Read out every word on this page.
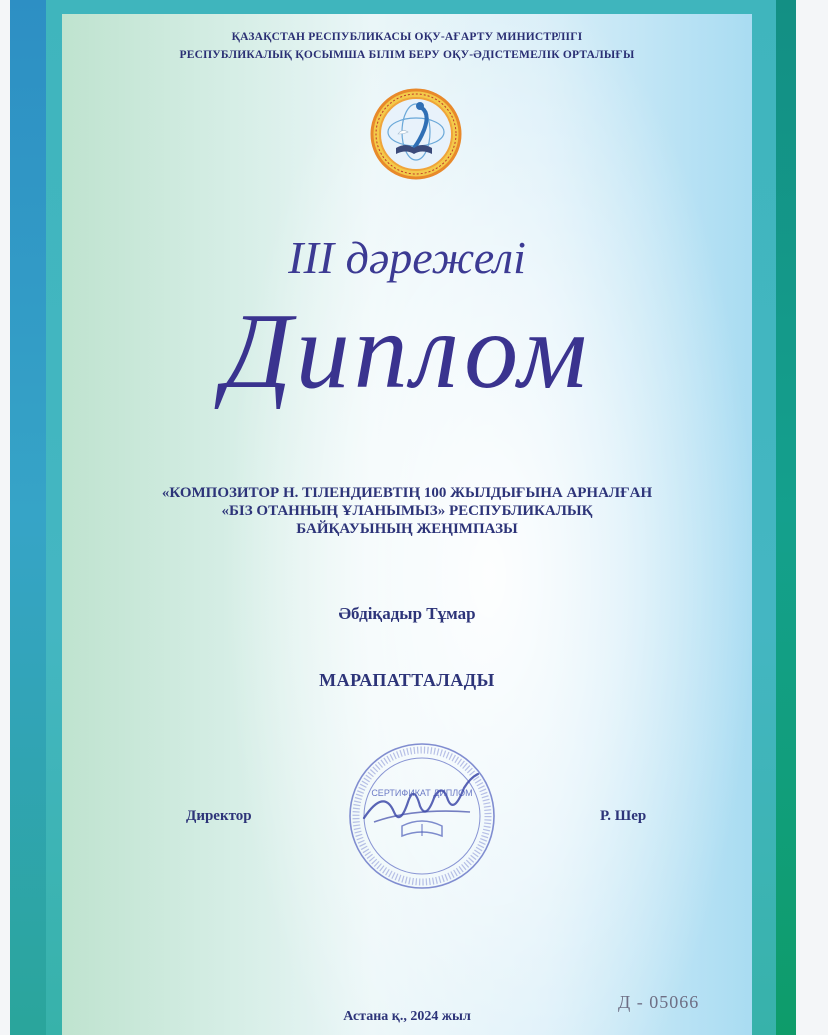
ҚАЗАҚСТАН РЕСПУБЛИКАСЫ ОҚУ-АҒАРТУ МИНИСТРЛІГІ
РЕСПУБЛИКАЛЫҚ ҚОСЫМША БІЛІМ БЕРУ ОҚУ-ӘДІСТЕМЕЛІК ОРТАЛЫҒЫ
III дәрежелі
Диплом
«КОМПОЗИТОР Н. ТІЛЕНДИЕВТІҢ 100 ЖЫЛДЫҒЫНА АРНАЛҒАН
«БІЗ ОТАННЫҢ ҰЛАНЫМЫЗ» РЕСПУБЛИКАЛЫҚ
БАЙҚАУЫНЫҢ ЖЕҢІМПАЗЫ
Әбдіқадыр Тұмар
МАРАПАТТАЛАДЫ
Директор	Р. Шер
СЕРТИФИКАТ ДИПЛОМ
Д - 05066
Астана қ., 2024 жыл
